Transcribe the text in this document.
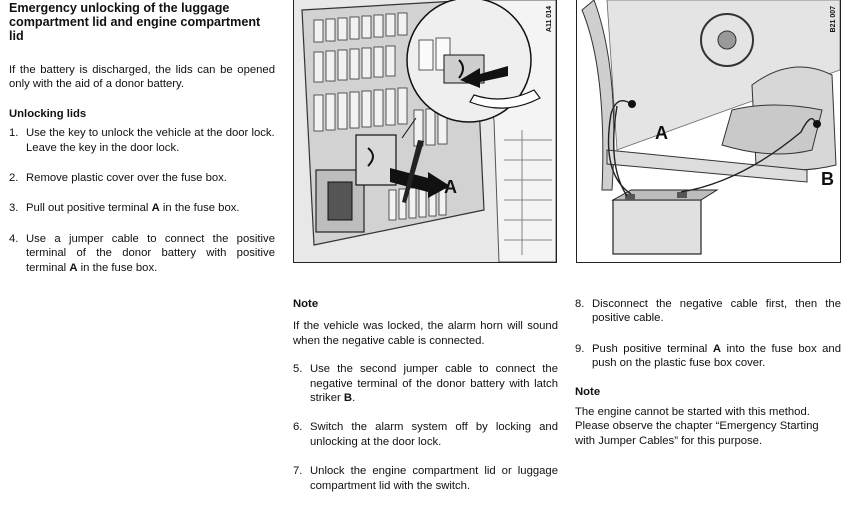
Emergency unlocking of the luggage compartment lid and engine compartment lid

If the battery is discharged, the lids can be opened only with the aid of a donor battery.

Unlocking lids

1. Use the key to unlock the vehicle at the door lock.

Leave the key in the door lock.

2. Remove plastic cover over the fuse box.

3. Pull out positive terminal A in the fuse box.

4. Use a jumper cable to connect the positive terminal of the donor battery with positive terminal A in the fuse box.

A
A11 014
A
B
B21 007

Note

If the vehicle was locked, the alarm horn will sound when the negative cable is connected.

5. Use the second jumper cable to connect the negative terminal of the donor battery with latch striker B.

6. Switch the alarm system off by locking and unlocking at the door lock.

7. Unlock the engine compartment lid or luggage compartment lid with the switch.

8. Disconnect the negative cable first, then the positive cable.

9. Push positive terminal A into the fuse box and push on the plastic fuse box cover.

Note

The engine cannot be started with this method. Please observe the chapter “Emergency Starting with Jumper Cables” for this purpose.
